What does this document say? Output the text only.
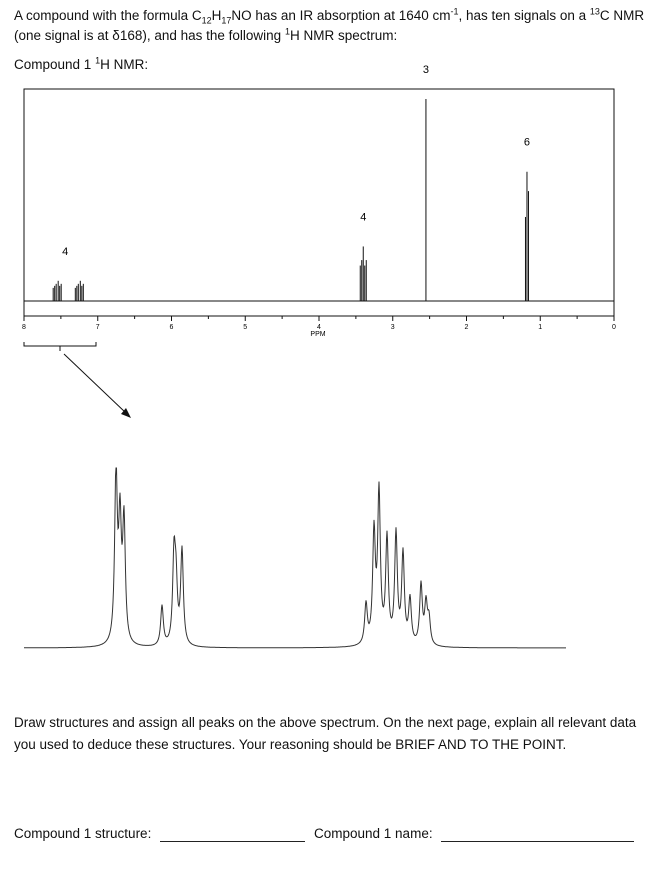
A compound with the formula $C_{12}H_{17}NO$ has an IR absorption at 1640 $cm^{-1}$, has ten signals on a $^{13}$C NMR
(one signal is at δ168), and has the following $^1$H NMR spectrum:
Compound 1 $^1$H NMR:
8	7	6	5	4	3	2	1	0
4
4
3
6
PPM
Draw structures and assign all peaks on the above spectrum. On the next page, explain all relevant data
you used to deduce these structures. Your reasoning should be BRIEF AND TO THE POINT.
Compound 1 structure:	Compound 1 name:
